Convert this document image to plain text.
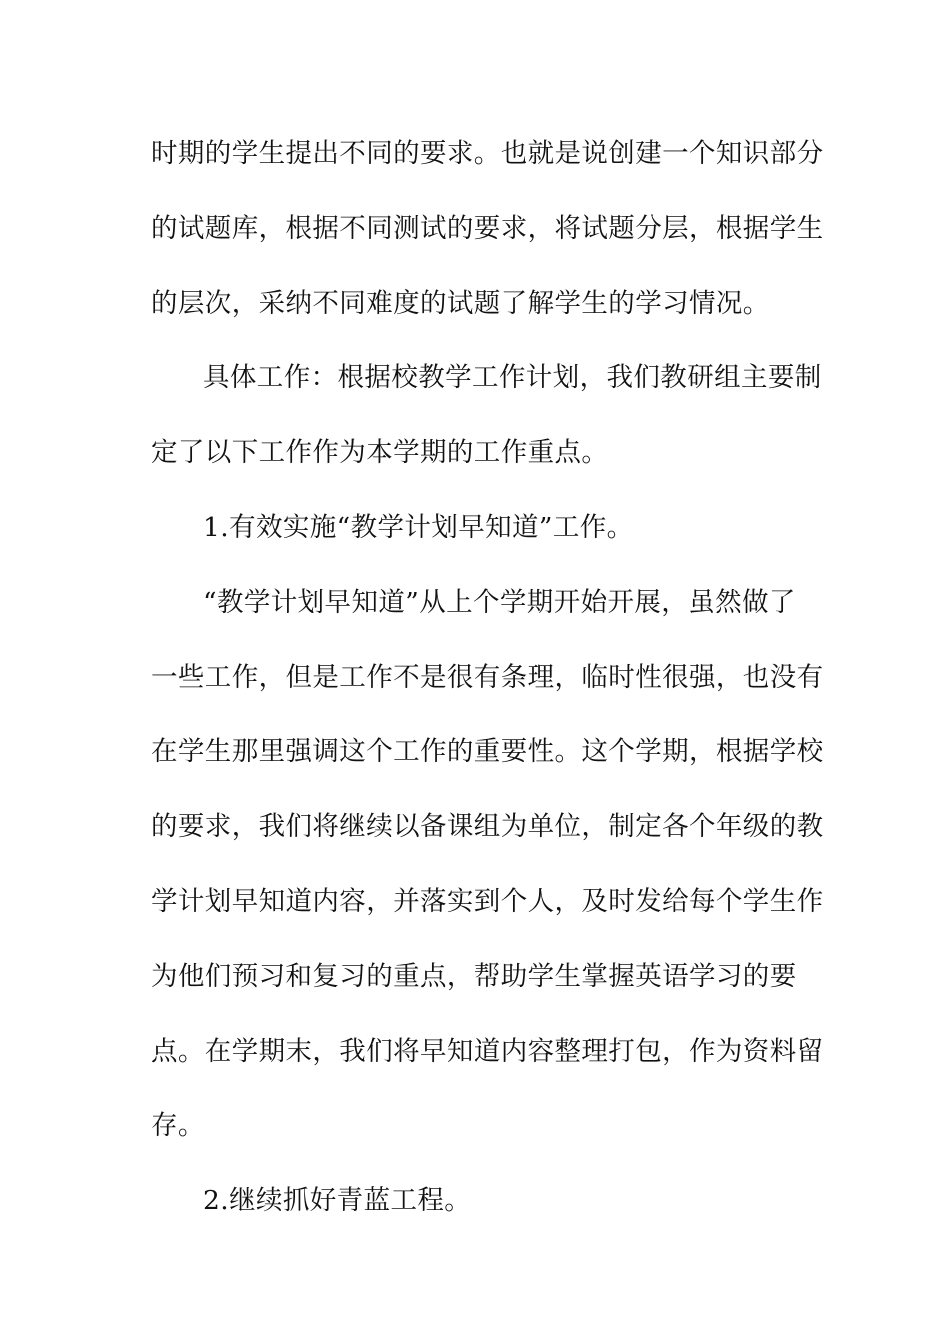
时期的学生提出不同的要求。也就是说创建一个知识部分
的试题库，根据不同测试的要求，将试题分层，根据学生
的层次，采纳不同难度的试题了解学生的学习情况。
具体工作：根据校教学工作计划，我们教研组主要制
定了以下工作作为本学期的工作重点。
1.有效实施“教学计划早知道”工作。
“教学计划早知道”从上个学期开始开展，虽然做了
一些工作，但是工作不是很有条理，临时性很强，也没有
在学生那里强调这个工作的重要性。这个学期，根据学校
的要求，我们将继续以备课组为单位，制定各个年级的教
学计划早知道内容，并落实到个人，及时发给每个学生作
为他们预习和复习的重点，帮助学生掌握英语学习的要
点。在学期末，我们将早知道内容整理打包，作为资料留
存。
2.继续抓好青蓝工程。
